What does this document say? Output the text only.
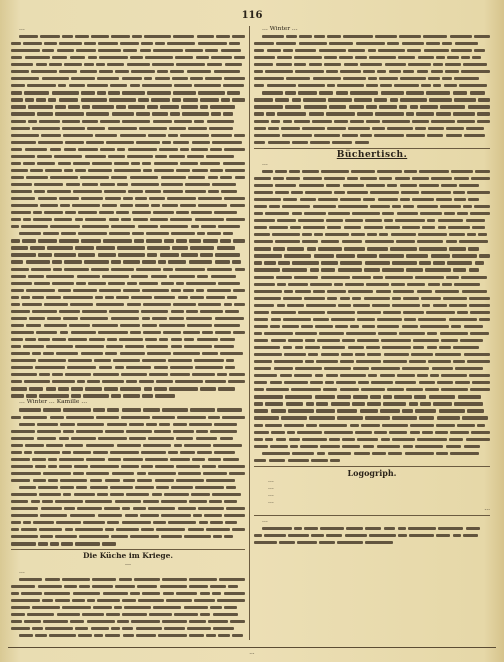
116

…

… Winter … Kamille …

Die Küche im Kriege.
…

…

… Winter …

Büchertisch.

…

Logogriph.
…
…
…
…
…

…

…
